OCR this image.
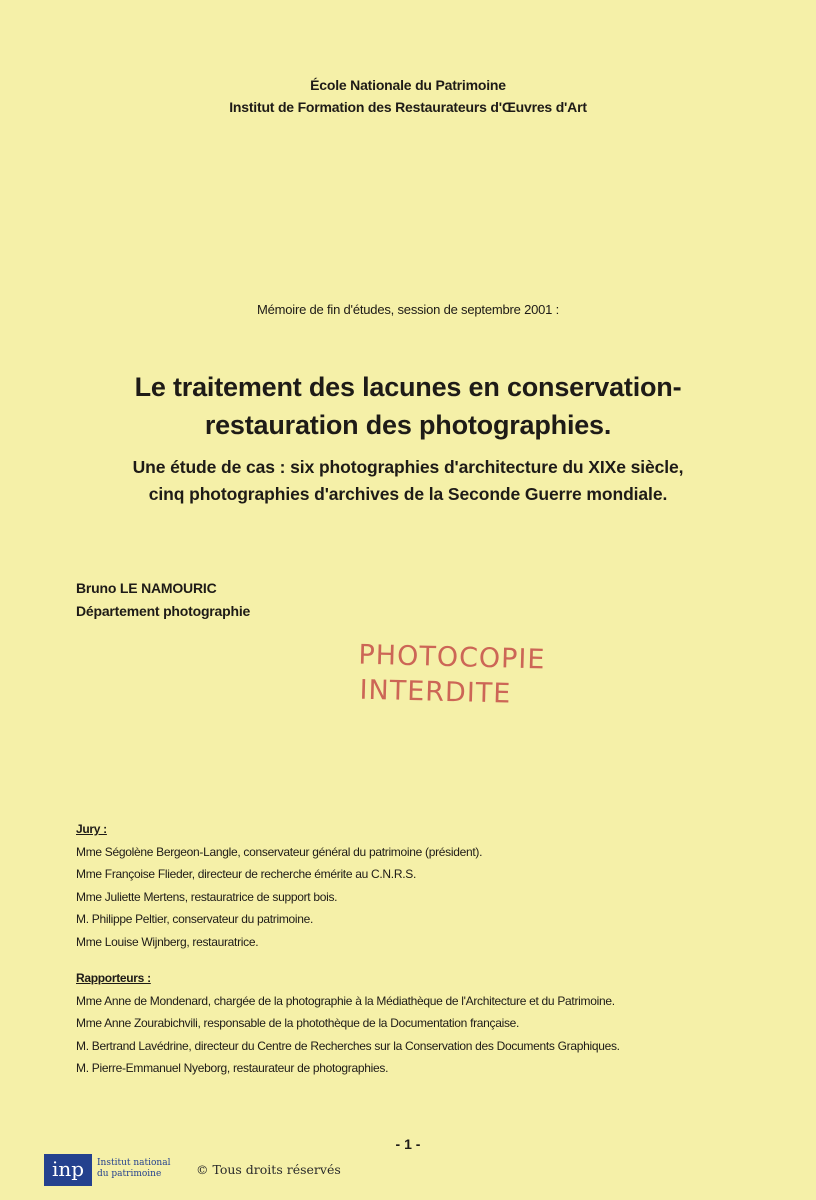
École Nationale du Patrimoine
Institut de Formation des Restaurateurs d'Œuvres d'Art
Mémoire de fin d'études, session de septembre 2001 :
Le traitement des lacunes en conservation-
restauration des photographies.
Une étude de cas : six photographies d'architecture du XIXe siècle,
cinq photographies d'archives de la Seconde Guerre mondiale.
Bruno LE NAMOURIC
Département photographie
PHOTOCOPIE
INTERDITE
Jury :
Mme Ségolène Bergeon-Langle, conservateur général du patrimoine (président).
Mme Françoise Flieder, directeur de recherche émérite au C.N.R.S.
Mme Juliette Mertens, restauratrice de support bois.
M. Philippe Peltier, conservateur du patrimoine.
Mme Louise Wijnberg, restauratrice.
Rapporteurs :
Mme Anne de Mondenard, chargée de la photographie à la Médiathèque de l'Architecture et du Patrimoine.
Mme Anne Zourabichvili, responsable de la photothèque de la Documentation française.
M. Bertrand Lavédrine, directeur du Centre de Recherches sur la Conservation des Documents Graphiques.
M. Pierre-Emmanuel Nyeborg, restaurateur de photographies.
- 1 -
inp	Institut national
du patrimoine	© Tous droits réservés
